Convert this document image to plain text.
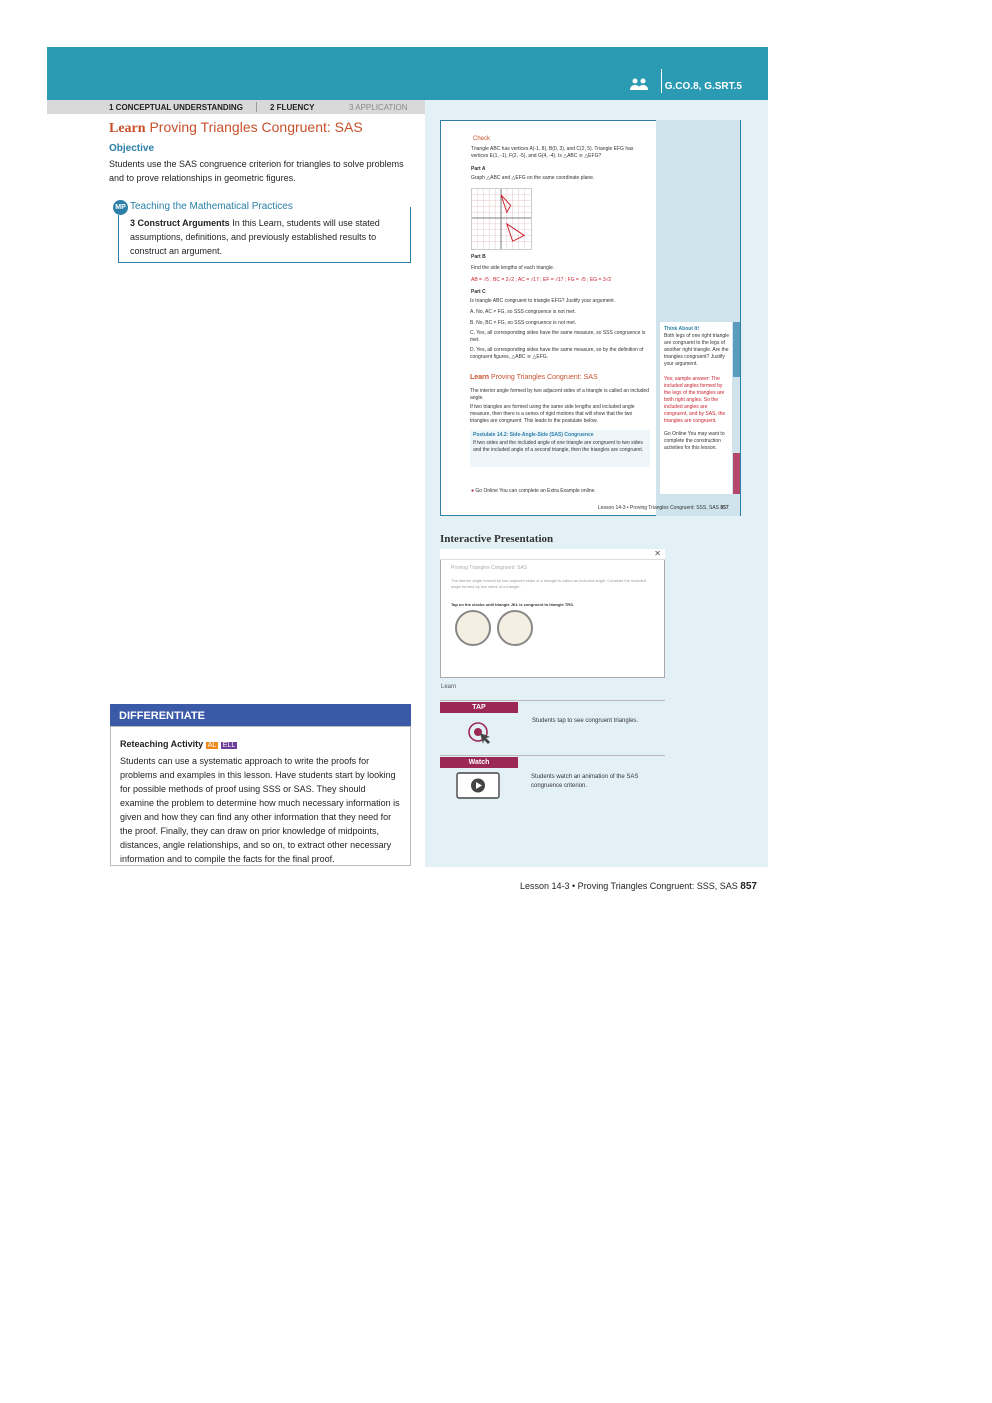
G.CO.8, G.SRT.5
1 CONCEPTUAL UNDERSTANDING	2 FLUENCY	3 APPLICATION
Learn Proving Triangles Congruent: SAS
Objective
Students use the SAS congruence criterion for triangles to solve problems and to prove relationships in geometric figures.
MP Teaching the Mathematical Practices
3 Construct Arguments In this Learn, students will use stated assumptions, definitions, and previously established results to construct an argument.
DIFFERENTIATE
Reteaching Activity AL ELL
Students can use a systematic approach to write the proofs for problems and examples in this lesson. Have students start by looking for possible methods of proof using SSS or SAS. They should examine the problem to determine how much necessary information is given and how they can find any other information that they need for the proof. Finally, they can draw on prior knowledge of midpoints, distances, angle relationships, and so on, to extract other necessary information and to compile the facts for the final proof.
Check
Triangle ABC has vertices A(-1, 8), B(0, 3), and C(2, 5). Triangle EFG has vertices E(1, -1), F(2, -5), and G(4, -4). Is △ABC ≅ △EFG?
Part A
Graph △ABC and △EFG on the same coordinate plane.
Part B
Find the side lengths of each triangle.
AB = √5 ; BC = 2√2 ; AC = √17 ; EF = √17 ; FG = √5 ; EG = 3√2
Part C
Is triangle ABC congruent to triangle EFG? Justify your argument.
A. No, AC ≠ FG, so SSS congruence is not met.
B. No, BC ≠ FG, so SSS congruence is not met.
C. Yes, all corresponding sides have the same measure, so SSS congruence is met.
D. Yes, all corresponding sides have the same measure, so by the definition of congruent figures, △ABC ≅ △EFG.
Learn Proving Triangles Congruent: SAS
The interior angle formed by two adjacent sides of a triangle is called an included angle.
If two triangles are formed using the same side lengths and included angle measure, then there is a series of rigid motions that will show that the two triangles are congruent. This leads to the postulate below.
Postulate 14.2: Side-Angle-Side (SAS) Congruence
If two sides and the included angle of one triangle are congruent to two sides and the included angle of a second triangle, then the triangles are congruent.
● Go Online You can complete an Extra Example online.
Lesson 14-3 • Proving Triangles Congruent: SSS, SAS 857
Think About It!
Both legs of one right triangle are congruent to the legs of another right triangle. Are the triangles congruent? Justify your argument.
Yes; sample answer: The included angles formed by the legs of the triangles are both right angles. So the included angles are congruent, and by SAS, the triangles are congruent.
Go Online You may want to complete the construction activities for this lesson.
Interactive Presentation
✕
Proving Triangles Congruent: SAS
The interior angle formed by two adjacent sides of a triangle is called an included angle. Consider the included angle formed by two sides of a triangle.
Tap on the clocks until triangle JKL is congruent to triangle TRS.
Learn
TAP
Students tap to see congruent triangles.
Watch
Students watch an animation of the SAS congruence criterion.
Lesson 14-3 • Proving Triangles Congruent: SSS, SAS 857
